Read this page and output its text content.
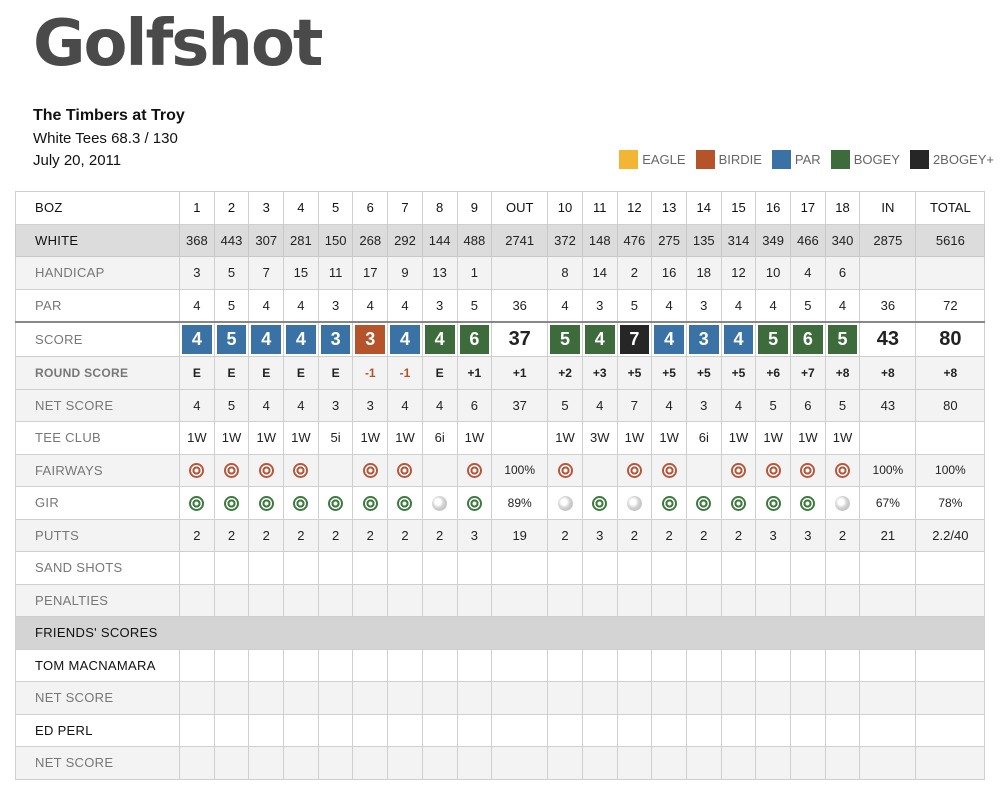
Golfshot
The Timbers at Troy
White Tees 68.3 / 130
July 20, 2011	EAGLE	BIRDIE	PAR	BOGEY	2BOGEY+
BOZ	1	2	3	4	5	6	7	8	9	OUT	10	11	12	13	14	15	16	17	18	IN	TOTAL
WHITE	368	443	307	281	150	268	292	144	488	2741	372	148	476	275	135	314	349	466	340	2875	5616
HANDICAP	3	5	7	15	11	17	9	13	1		8	14	2	16	18	12	10	4	6		
PAR	4	5	4	4	3	4	4	3	5	36	4	3	5	4	3	4	4	5	4	36	72
SCORE	4	5	4	4	3	3	4	4	6	37	5	4	7	4	3	4	5	6	5	43	80
ROUND SCORE	E	E	E	E	E	-1	-1	E	+1	+1	+2	+3	+5	+5	+5	+5	+6	+7	+8	+8	+8
NET SCORE	4	5	4	4	3	3	4	4	6	37	5	4	7	4	3	4	5	6	5	43	80
TEE CLUB	1W	1W	1W	1W	5i	1W	1W	6i	1W		1W	3W	1W	1W	6i	1W	1W	1W	1W		
FAIRWAYS										100%										100%	100%
GIR										89%										67%	78%
PUTTS	2	2	2	2	2	2	2	2	3	19	2	3	2	2	2	2	3	3	2	21	2.2/40
SAND SHOTS																					
PENALTIES																					
FRIENDS' SCORES																					
TOM MACNAMARA																					
NET SCORE																					
ED PERL																					
NET SCORE																					
